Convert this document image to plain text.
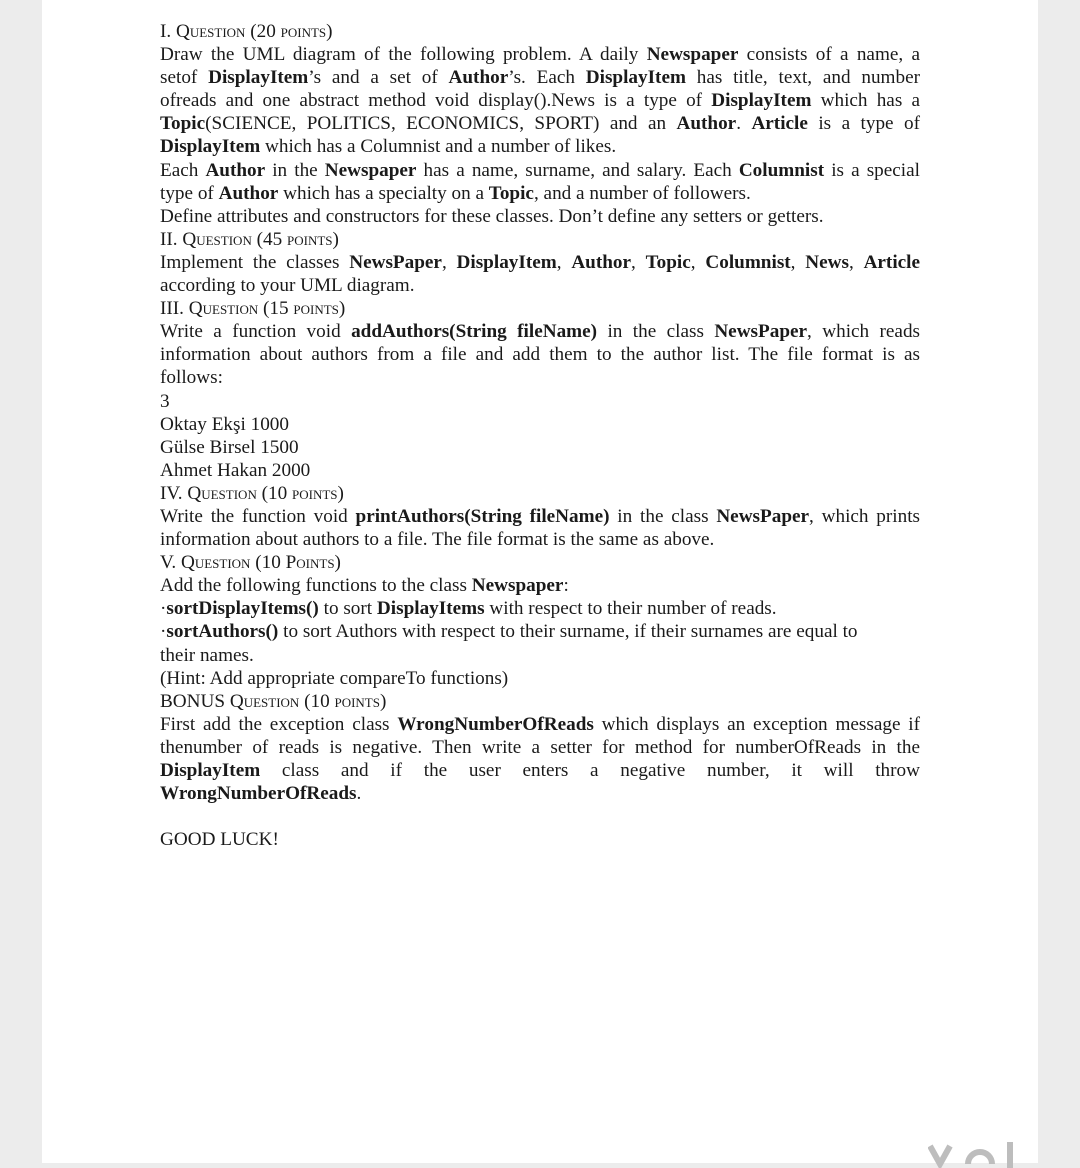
I. Question (20 points)

Draw the UML diagram of the following problem. A daily Newspaper consists of a name, a

setof DisplayItem’s and a set of Author’s. Each DisplayItem has title, text, and number

ofreads and one abstract method void display().News is a type of DisplayItem which has a

Topic(SCIENCE, POLITICS, ECONOMICS, SPORT) and an Author. Article is a type of

DisplayItem which has a Columnist and a number of likes.

Each Author in the Newspaper has a name, surname, and salary. Each Columnist is a special

type of Author which has a specialty on a Topic, and a number of followers.

Define attributes and constructors for these classes. Don’t define any setters or getters.

II. Question (45 points)

Implement the classes NewsPaper, DisplayItem, Author, Topic, Columnist, News, Article

according to your UML diagram.

III. Question (15 points)

Write a function void addAuthors(String fileName) in the class NewsPaper, which reads

information about authors from a file and add them to the author list. The file format is as

follows:

3

Oktay Ekşi 1000

Gülse Birsel 1500

Ahmet Hakan 2000

IV. Question (10 points)

Write the function void printAuthors(String fileName) in the class NewsPaper, which prints

information about authors to a file. The file format is the same as above.

V. Question (10 Points)

Add the following functions to the class Newspaper:

·sortDisplayItems() to sort DisplayItems with respect to their number of reads.

·sortAuthors() to sort Authors with respect to their surname, if their surnames are equal to

their names.

(Hint: Add appropriate compareTo functions)

BONUS Question (10 points)

First add the exception class WrongNumberOfReads which displays an exception message if

thenumber of reads is negative. Then write a setter for method for numberOfReads in the

DisplayItem class and if the user enters a negative number, it will throw

WrongNumberOfReads.

GOOD LUCK!
